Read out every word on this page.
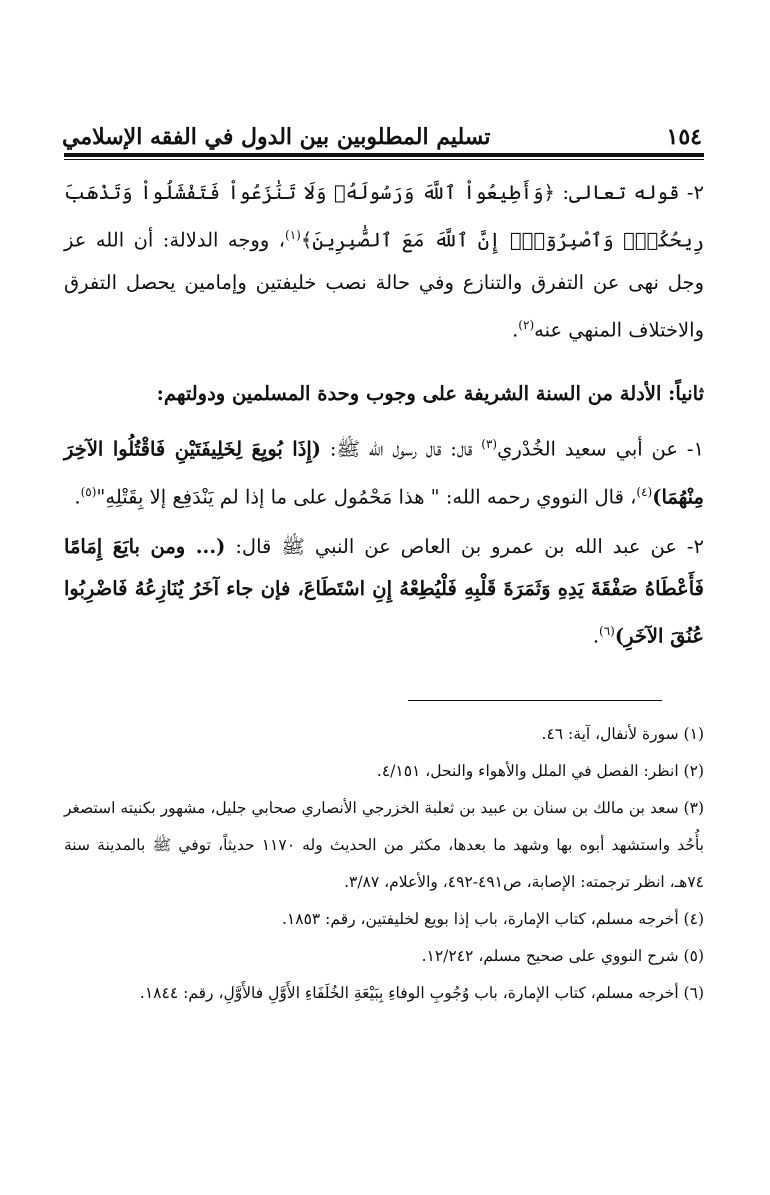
١٥٤
تسليم المطلوبين بين الدول في الفقه الإسلامي

٢- قوله تعالى: ﴿وَأَطِيعُواْ ٱللَّهَ وَرَسُولَهُۥ وَلَا تَنَٰزَعُواْ فَتَفْشَلُواْ وَتَذْهَبَ رِيحُكُمْۖ وَٱصْبِرُوٓاْۚ إِنَّ ٱللَّهَ مَعَ ٱلصَّٰبِرِينَ﴾$^{(١)}$، ووجه الدلالة: أن الله عز وجل نهى عن التفرق والتنازع وفي حالة نصب خليفتين وإمامين يحصل التفرق والاختلاف المنهي عنه$^{(٢)}$.

ثانياً: الأدلة من السنة الشريفة على وجوب وحدة المسلمين ودولتهم:

١- عن أبي سعيد الخُدْري$^{(٣)}$ قال: قال رسول الله ﷺ: (إِذَا بُويِعَ لِخَلِيفَتَيْنِ فَاقْتُلُوا الآخِرَ مِنْهُمَا)$^{(٤)}$، قال النووي رحمه الله: " هذا مَحْمُول على ما إذا لم يَنْدَفِع إلا بِقَتْلِهِ"$^{(٥)}$.

٢- عن عبد الله بن عمرو بن العاص عن النبي ﷺ قال: (... ومن بايَعَ إِمَامًا فَأَعْطَاهُ صَفْقَةَ يَدِهِ وَثَمَرَةَ قَلْبِهِ فَلْيُطِعْهُ إِنِ اسْتَطَاعَ، فإن جاء آخَرُ يُنَازِعُهُ فَاضْرِبُوا عُنُقَ الآخَرِ)$^{(٦)}$.

(١) سورة لأنفال، آية: ٤٦.

(٢) انظر: الفصل في الملل والأهواء والنحل، ٤/١٥١.

(٣) سعد بن مالك بن سنان بن عبيد بن ثعلبة الخزرجي الأنصاري صحابي جليل، مشهور بكنيته استصغر بأُحُد واستشهد أبوه بها وشهد ما بعدها، مكثر من الحديث وله ١١٧٠ حديثاً، توفي ﷺ بالمدينة سنة ٧٤هـ، انظر ترجمته: الإصابة، ص٤٩١-٤٩٢، والأعلام، ٣/٨٧.

(٤) أخرجه مسلم، كتاب الإمارة، باب إذا بويع لخليفتين، رقم: ١٨٥٣.

(٥) شرح النووي على صحيح مسلم، ١٢/٢٤٢.

(٦) أخرجه مسلم، كتاب الإمارة، باب وُجُوبِ الوفاءِ بِبَيْعَةِ الخُلَفَاءِ الأَوَّلِ فالأَوَّلِ، رقم: ١٨٤٤.
